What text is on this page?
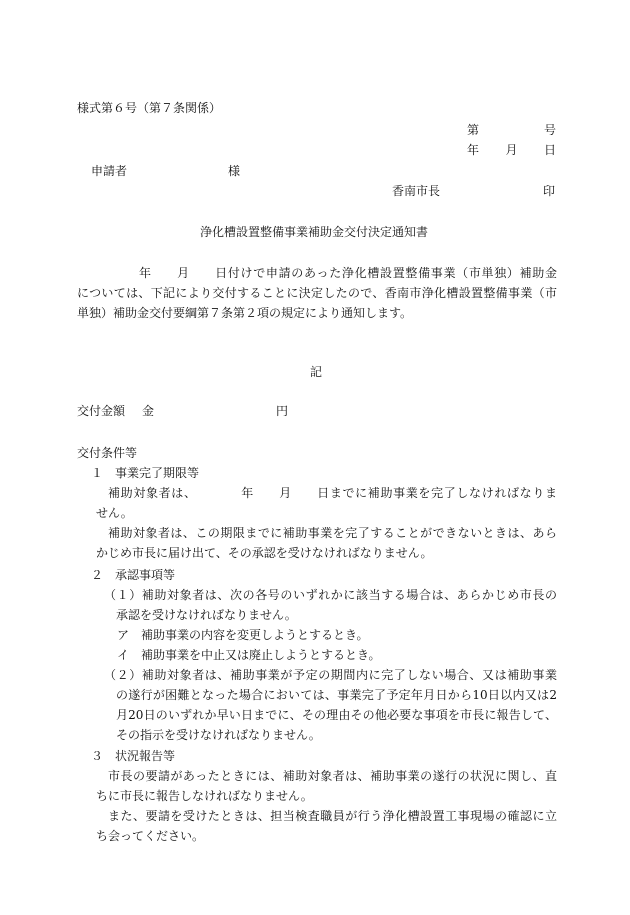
様式第６号（第７条関係）
第　　　　　号
年　　月　　日
申請者	様
香南市長	印
浄化槽設置整備事業補助金交付決定通知書
年　　月　　日付けで申請のあった浄化槽設置整備事業（市単独）補助金
については、下記により交付することに決定したので、香南市浄化槽設置整備事業（市
単独）補助金交付要綱第７条第２項の規定により通知します。
記
交付金額 金	円
交付条件等
１　事業完了期限等
補助対象者は、　　　　年　　月　　日までに補助事業を完了しなければなりま
せん。
補助対象者は、この期限までに補助事業を完了することができないときは、あら
かじめ市長に届け出て、その承認を受けなければなりません。
２　承認事項等
（１）補助対象者は、次の各号のいずれかに該当する場合は、あらかじめ市長の
承認を受けなければなりません。
ア　補助事業の内容を変更しようとするとき。
イ　補助事業を中止又は廃止しようとするとき。
（２）補助対象者は、補助事業が予定の期間内に完了しない場合、又は補助事業
の遂行が困難となった場合においては、事業完了予定年月日から10日以内又は2
月20日のいずれか早い日までに、その理由その他必要な事項を市長に報告して、
その指示を受けなければなりません。
３　状況報告等
市長の要請があったときには、補助対象者は、補助事業の遂行の状況に関し、直
ちに市長に報告しなければなりません。
また、要請を受けたときは、担当検査職員が行う浄化槽設置工事現場の確認に立
ち会ってください。
